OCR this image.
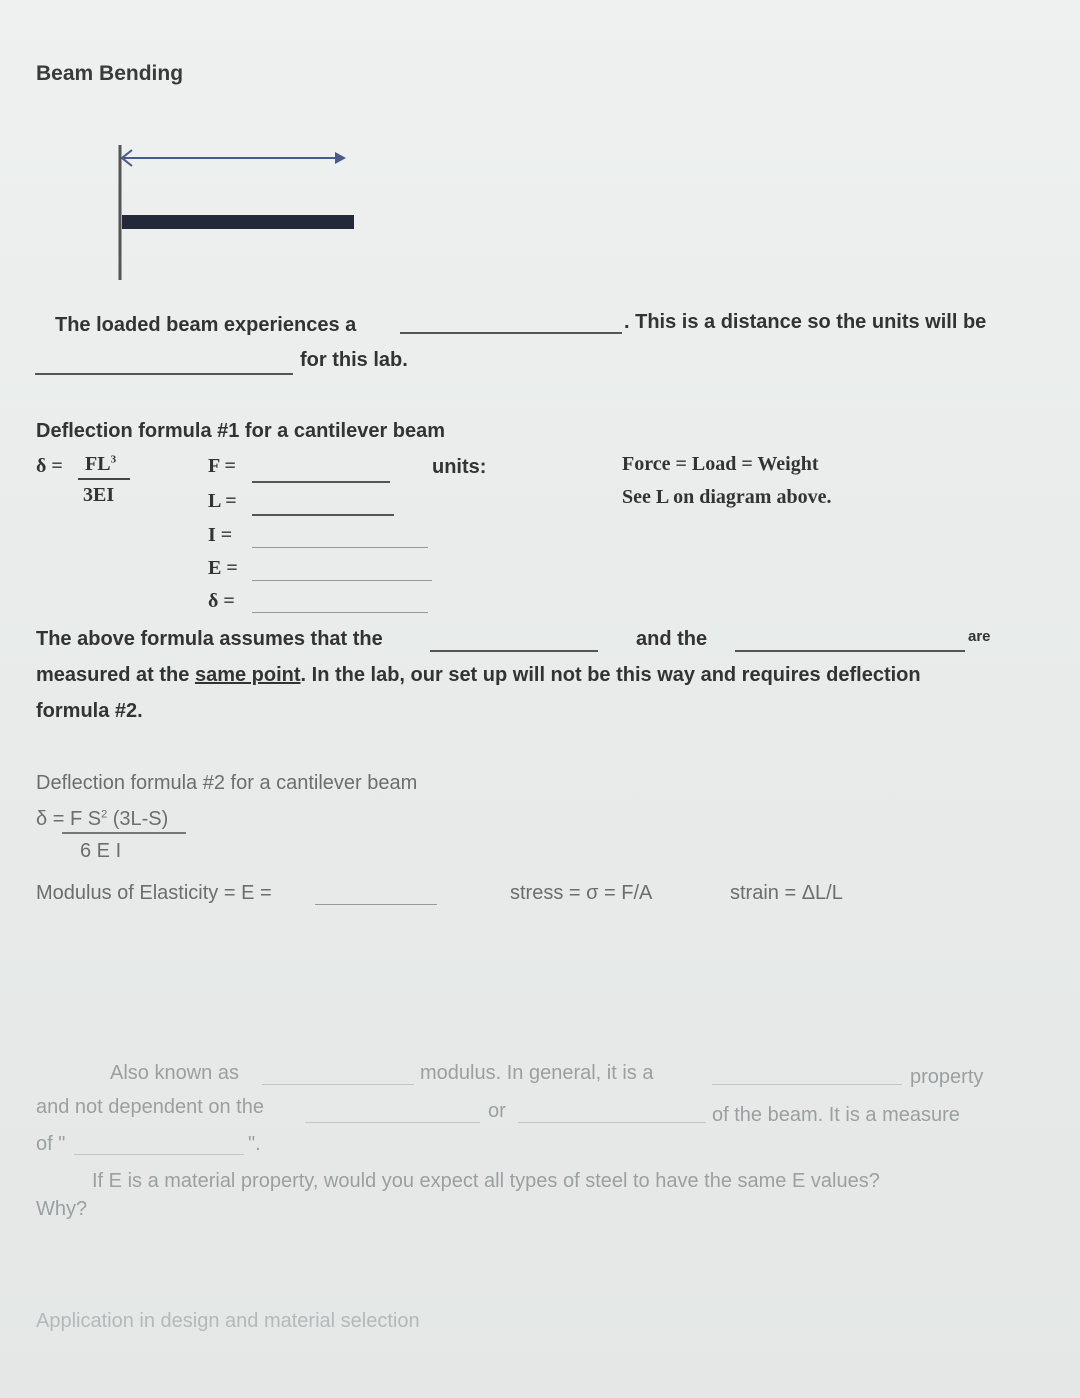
Beam Bending
The loaded beam experiences a	. This is a distance so the units will be
for this lab.
Deflection formula #1 for a cantilever beam
$\delta = FL^3$
3EI
F =	units:	Force = Load = Weight
See L on diagram above.
L =
I =
E =
δ =
The above formula assumes that the	and the	are
measured at the same point. In the lab, our set up will not be this way and requires deflection
formula #2.
Deflection formula #2 for a cantilever beam
δ = F $S^2$ (3L-S)
6 E I
Modulus of Elasticity = E =	stress = σ = F/A	strain = ΔL/L
Also known as	modulus. In general, it is a	property
and not dependent on the	or	of the beam. It is a measure
of "	".
If E is a material property, would you expect all types of steel to have the same E values?
Why?
Application in design and material selection
